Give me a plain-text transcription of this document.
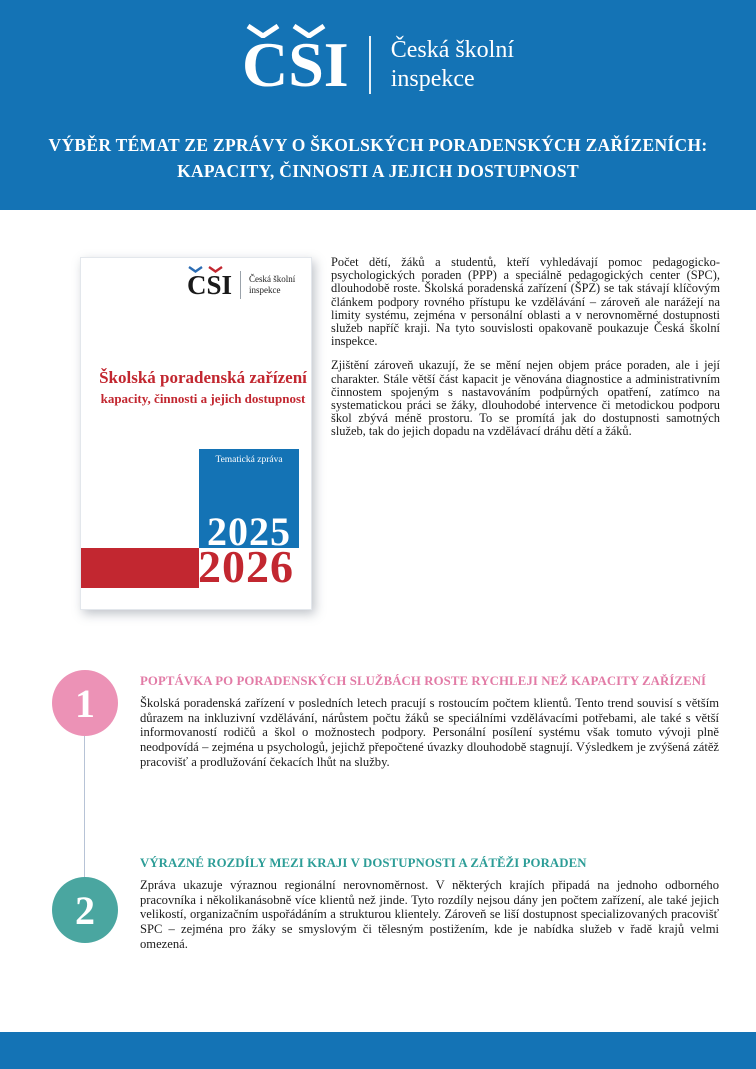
C S I Česká školní
inspekce
VÝBĚR TÉMAT ZE ZPRÁVY O ŠKOLSKÝCH PORADENSKÝCH ZAŘÍZENÍCH:
KAPACITY, ČINNOSTI A JEJICH DOSTUPNOST
C S I Česká školní
inspekce
Školská poradenská zařízení
kapacity, činnosti a jejich dostupnost
Tematická zpráva
2025
2026

Počet dětí, žáků a studentů, kteří vyhledávají pomoc pedagogicko-psychologických poraden (PPP) a speciálně pedagogických center (SPC), dlouhodobě roste. Školská poradenská zařízení (ŠPZ) se tak stávají klíčovým článkem podpory rovného přístupu ke vzdělávání – zároveň ale narážejí na limity systému, zejména v personální oblasti a v nerovnoměrné dostupnosti služeb napříč kraji. Na tyto souvislosti opakovaně poukazuje Česká školní inspekce.

Zjištění zároveň ukazují, že se mění nejen objem práce poraden, ale i její charakter. Stále větší část kapacit je věnována diagnostice a administrativním činnostem spojeným s nastavováním podpůrných opatření, zatímco na systematickou práci se žáky, dlouhodobé intervence či metodickou podporu škol zbývá méně prostoru. To se promítá jak do dostupnosti samotných služeb, tak do jejich dopadu na vzdělávací dráhu dětí a žáků.

1
2
POPTÁVKA PO PORADENSKÝCH SLUŽBÁCH ROSTE RYCHLEJI NEŽ KAPACITY ZAŘÍZENÍ

Školská poradenská zařízení v posledních letech pracují s rostoucím počtem klientů. Tento trend souvisí s větším důrazem na inkluzivní vzdělávání, nárůstem počtu žáků se speciálními vzdělávacími potřebami, ale také s větší informovaností rodičů a škol o možnostech podpory. Personální posílení systému však tomuto vývoji plně neodpovídá – zejména u psychologů, jejichž přepočtené úvazky dlouhodobě stagnují. Výsledkem je zvýšená zátěž pracovišť a prodlužování čekacích lhůt na služby.

VÝRAZNÉ ROZDÍLY MEZI KRAJI V DOSTUPNOSTI A ZÁTĚŽI PORADEN

Zpráva ukazuje výraznou regionální nerovnoměrnost. V některých krajích připadá na jednoho odborného pracovníka i několikanásobně více klientů než jinde. Tyto rozdíly nejsou dány jen počtem zařízení, ale také jejich velikostí, organizačním uspořádáním a strukturou klientely. Zároveň se liší dostupnost specializovaných pracovišť SPC – zejména pro žáky se smyslovým či tělesným postižením, kde je nabídka služeb v řadě krajů velmi omezená.
